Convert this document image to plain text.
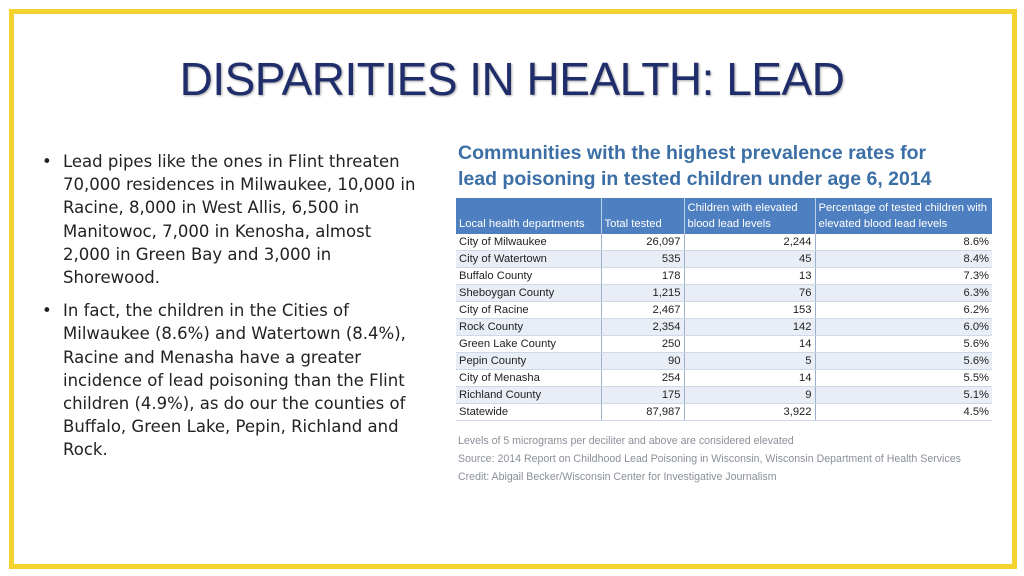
DISPARITIES IN HEALTH: LEAD
• Lead pipes like the ones in Flint threaten 70,000 residences in Milwaukee, 10,000 in Racine, 8,000 in West Allis, 6,500 in Manitowoc, 7,000 in Kenosha, almost 2,000 in Green Bay and 3,000 in Shorewood.
• In fact, the children in the Cities of Milwaukee (8.6%) and Watertown (8.4%), Racine and Menasha have a greater incidence of lead poisoning than the Flint children (4.9%), as do our the counties of Buffalo, Green Lake, Pepin, Richland and Rock.
Communities with the highest prevalence rates for
lead poisoning in tested children under age 6, 2014
Local health departments	Total tested	Children with elevated blood lead levels	Percentage of tested children with elevated blood lead levels
City of Milwaukee	26,097	2,244	8.6%
City of Watertown	535	45	8.4%
Buffalo County	178	13	7.3%
Sheboygan County	1,215	76	6.3%
City of Racine	2,467	153	6.2%
Rock County	2,354	142	6.0%
Green Lake County	250	14	5.6%
Pepin County	90	5	5.6%
City of Menasha	254	14	5.5%
Richland County	175	9	5.1%
Statewide	87,987	3,922	4.5%
Levels of 5 micrograms per deciliter and above are considered elevated
Source: 2014 Report on Childhood Lead Poisoning in Wisconsin, Wisconsin Department of Health Services
Credit: Abigail Becker/Wisconsin Center for Investigative Journalism
